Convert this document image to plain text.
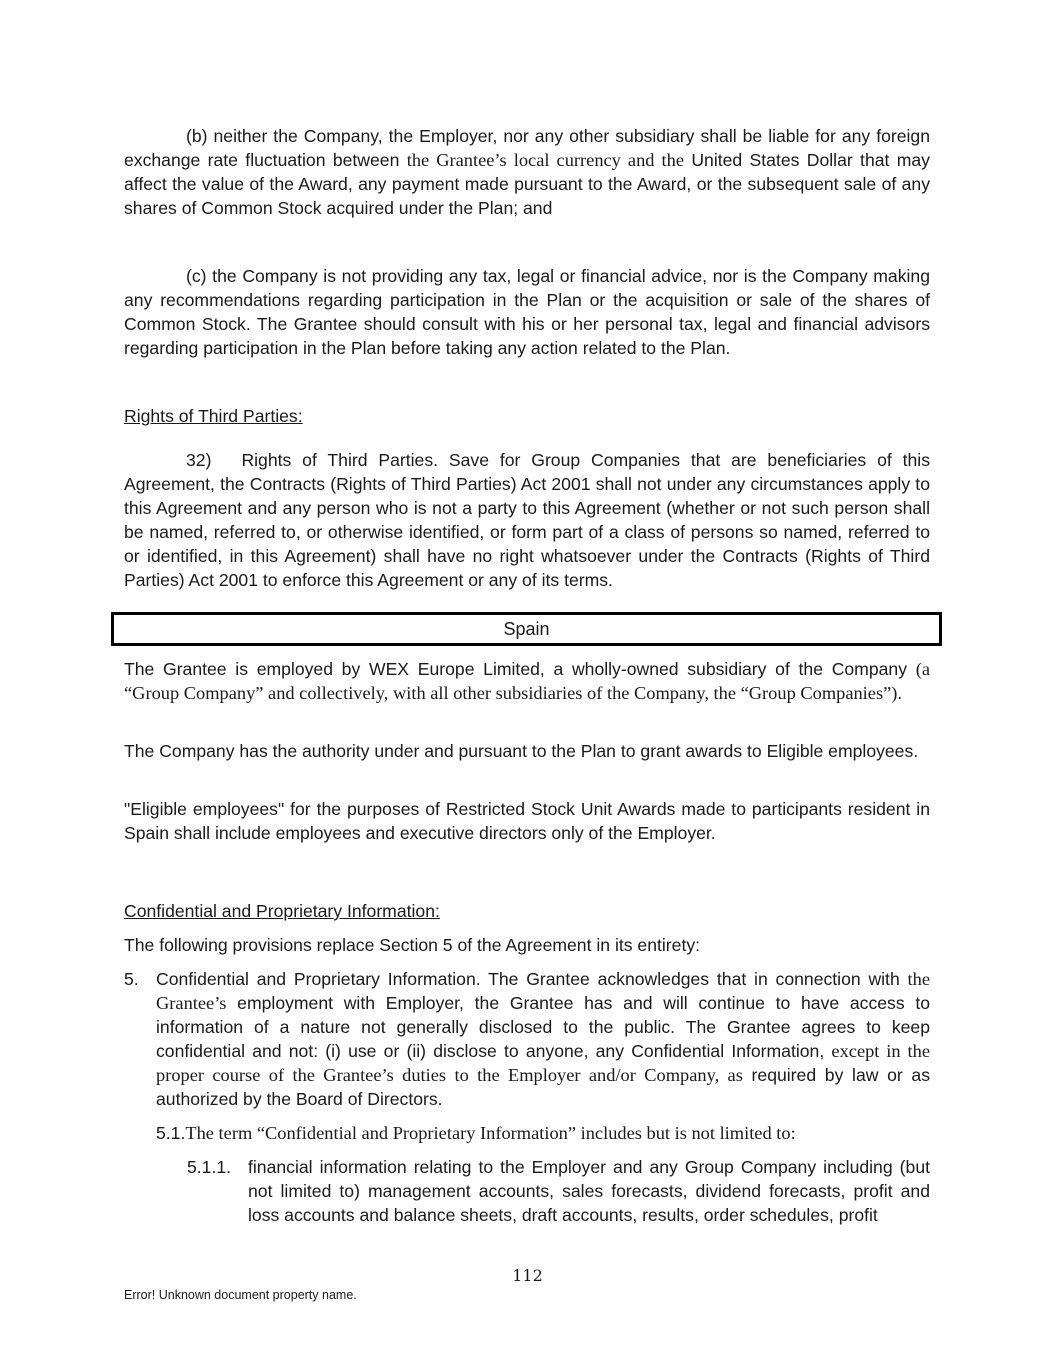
(b) neither the Company, the Employer, nor any other subsidiary shall be liable for any foreign exchange rate fluctuation between the Grantee’s local currency and the United States Dollar that may affect the value of the Award, any payment made pursuant to the Award, or the subsequent sale of any shares of Common Stock acquired under the Plan; and

(c) the Company is not providing any tax, legal or financial advice, nor is the Company making any recommendations regarding participation in the Plan or the acquisition or sale of the shares of Common Stock. The Grantee should consult with his or her personal tax, legal and financial advisors regarding participation in the Plan before taking any action related to the Plan.

Rights of Third Parties:

32) Rights of Third Parties. Save for Group Companies that are beneficiaries of this Agreement, the Contracts (Rights of Third Parties) Act 2001 shall not under any circumstances apply to this Agreement and any person who is not a party to this Agreement (whether or not such person shall be named, referred to, or otherwise identified, or form part of a class of persons so named, referred to or identified, in this Agreement) shall have no right whatsoever under the Contracts (Rights of Third Parties) Act 2001 to enforce this Agreement or any of its terms.

Spain

The Grantee is employed by WEX Europe Limited, a wholly-owned subsidiary of the Company (a “Group Company” and collectively, with all other subsidiaries of the Company, the “Group Companies”).

The Company has the authority under and pursuant to the Plan to grant awards to Eligible employees.

"Eligible employees" for the purposes of Restricted Stock Unit Awards made to participants resident in Spain shall include employees and executive directors only of the Employer.

Confidential and Proprietary Information:

The following provisions replace Section 5 of the Agreement in its entirety:

5. Confidential and Proprietary Information. The Grantee acknowledges that in connection with the Grantee’s employment with Employer, the Grantee has and will continue to have access to information of a nature not generally disclosed to the public. The Grantee agrees to keep confidential and not: (i) use or (ii) disclose to anyone, any Confidential Information, except in the proper course of the Grantee’s duties to the Employer and/or Company, as required by law or as authorized by the Board of Directors.

5.1.The term “Confidential and Proprietary Information” includes but is not limited to:

5.1.1. financial information relating to the Employer and any Group Company including (but not limited to) management accounts, sales forecasts, dividend forecasts, profit and loss accounts and balance sheets, draft accounts, results, order schedules, profit

112
Error! Unknown document property name.
